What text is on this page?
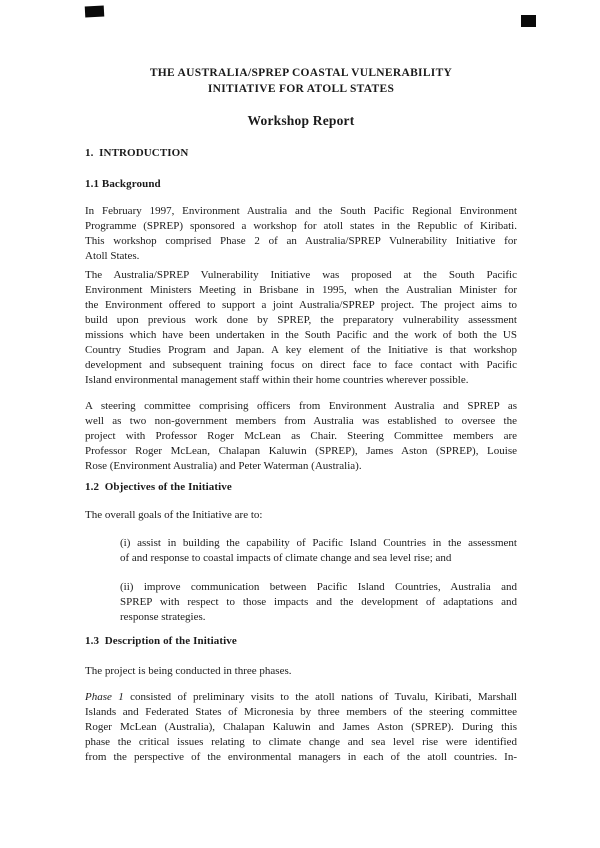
THE AUSTRALIA/SPREP COASTAL VULNERABILITY
INITIATIVE FOR ATOLL STATES
Workshop Report
1.  INTRODUCTION
1.1 Background
In February 1997, Environment Australia and the South Pacific Regional Environment
Programme (SPREP) sponsored a workshop for atoll states in the Republic of Kiribati.
This workshop comprised Phase 2 of an Australia/SPREP Vulnerability Initiative for
Atoll States.
The Australia/SPREP Vulnerability Initiative was proposed at the South Pacific
Environment Ministers Meeting in Brisbane in 1995, when the Australian Minister for
the Environment offered to support a joint Australia/SPREP project. The project aims to
build upon previous work done by SPREP, the preparatory vulnerability assessment
missions which have been undertaken in the South Pacific and the work of both the US
Country Studies Program and Japan. A key element of the Initiative is that workshop
development and subsequent training focus on direct face to face contact with Pacific
Island environmental management staff within their home countries wherever possible.
A steering committee comprising officers from Environment Australia and SPREP as
well as two non-government members from Australia was established to oversee the
project with Professor Roger McLean as Chair. Steering Committee members are
Professor Roger McLean, Chalapan Kaluwin (SPREP), James Aston (SPREP), Louise
Rose (Environment Australia) and Peter Waterman (Australia).
1.2  Objectives of the Initiative
The overall goals of the Initiative are to:
(i) assist in building the capability of Pacific Island Countries in the assessment
of and response to coastal impacts of climate change and sea level rise; and
(ii) improve communication between Pacific Island Countries, Australia and
SPREP with respect to those impacts and the development of adaptations and
response strategies.
1.3  Description of the Initiative
The project is being conducted in three phases.
Phase 1 consisted of preliminary visits to the atoll nations of Tuvalu, Kiribati, Marshall
Islands and Federated States of Micronesia by three members of the steering committee
Roger McLean (Australia), Chalapan Kaluwin and James Aston (SPREP). During this
phase the critical issues relating to climate change and sea level rise were identified
from the perspective of the environmental managers in each of the atoll countries. In-
